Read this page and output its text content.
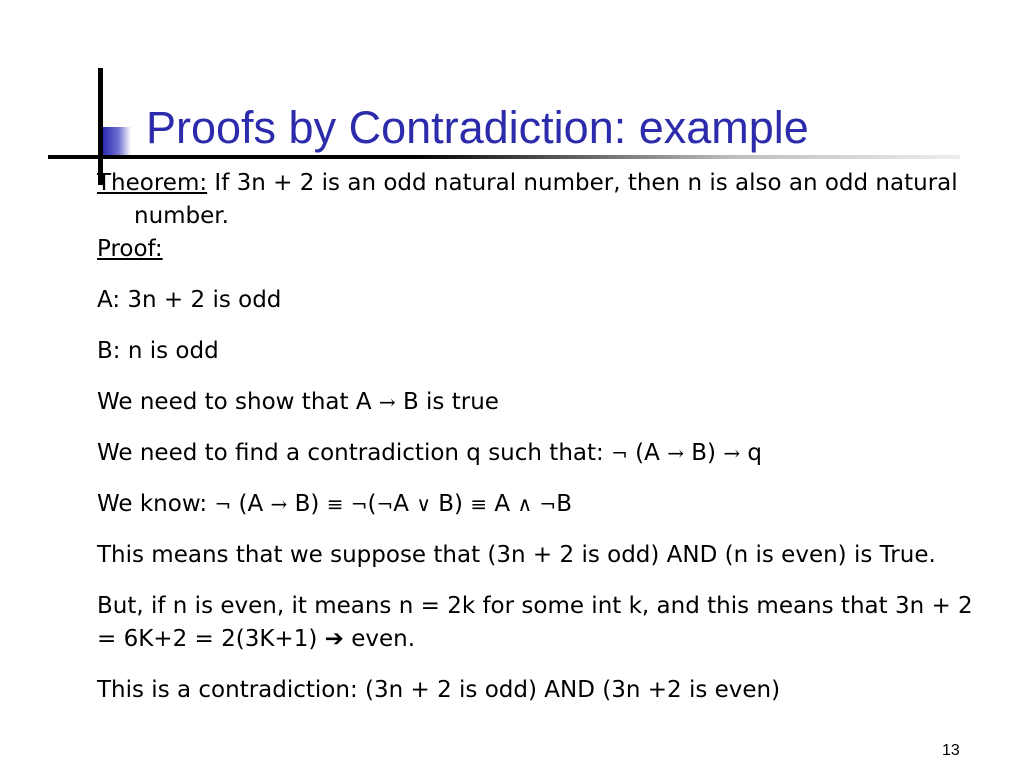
Proofs by Contradiction: example

Theorem: If 3n + 2 is an odd natural number, then n is also an odd natural number.

Proof:

A: 3n + 2 is odd

B: n is odd

We need to show that A → B is true

We need to find a contradiction q such that: ¬ (A → B) → q

We know: ¬ (A → B) ≡ ¬(¬A ∨ B) ≡ A ∧ ¬B

This means that we suppose that (3n + 2 is odd) AND (n is even) is True.

But, if n is even, it means n = 2k for some int k, and this means that 3n + 2 = 6K+2 = 2(3K+1) ➔ even.

This is a contradiction: (3n + 2 is odd) AND (3n +2 is even)

13
